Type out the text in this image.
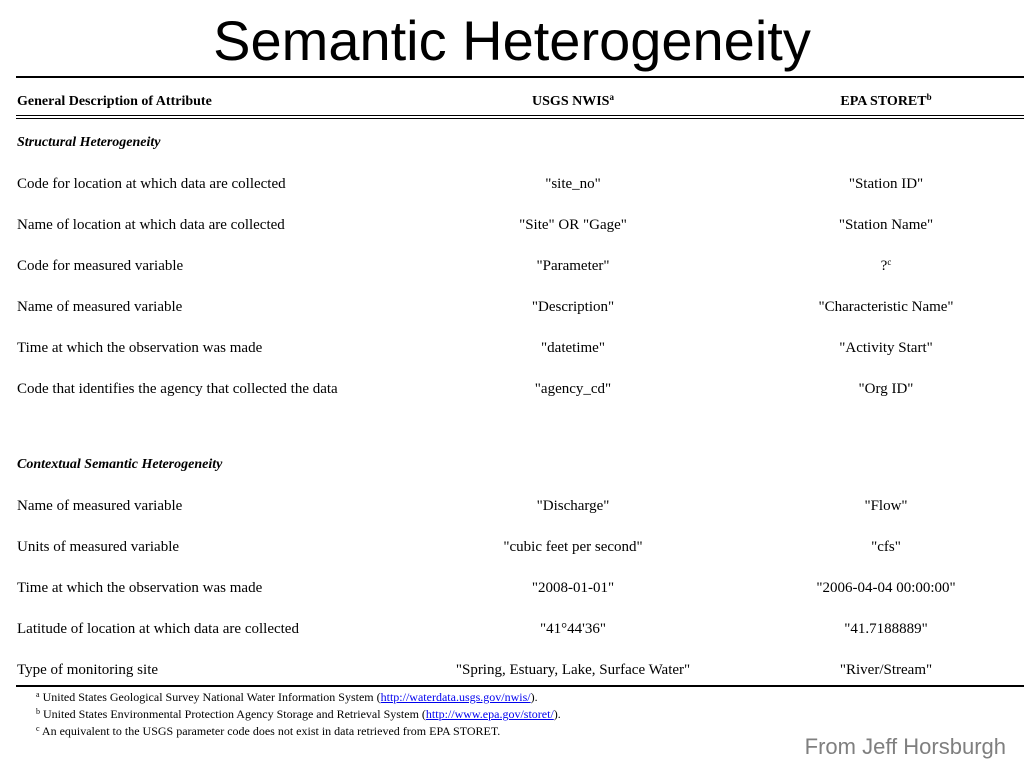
Semantic Heterogeneity
General Description of Attribute	USGS NWIS$^a$	EPA STORET$^b$
Structural Heterogeneity
Code for location at which data are collected	"site_no"	"Station ID"
Name of location at which data are collected	"Site" OR "Gage"	"Station Name"
Code for measured variable	"Parameter"	?$^c$
Name of measured variable	"Description"	"Characteristic Name"
Time at which the observation was made	"datetime"	"Activity Start"
Code that identifies the agency that collected the data	"agency_cd"	"Org ID"
Contextual Semantic Heterogeneity
Name of measured variable	"Discharge"	"Flow"
Units of measured variable	"cubic feet per second"	"cfs"
Time at which the observation was made	"2008-01-01"	"2006-04-04 00:00:00"
Latitude of location at which data are collected	"41°44'36"	"41.7188889"
Type of monitoring site	"Spring, Estuary, Lake, Surface Water"	"River/Stream"
$^a$ United States Geological Survey National Water Information System (http://waterdata.usgs.gov/nwis/).
$^b$ United States Environmental Protection Agency Storage and Retrieval System (http://www.epa.gov/storet/).
$^c$ An equivalent to the USGS parameter code does not exist in data retrieved from EPA STORET.
From Jeff Horsburgh
